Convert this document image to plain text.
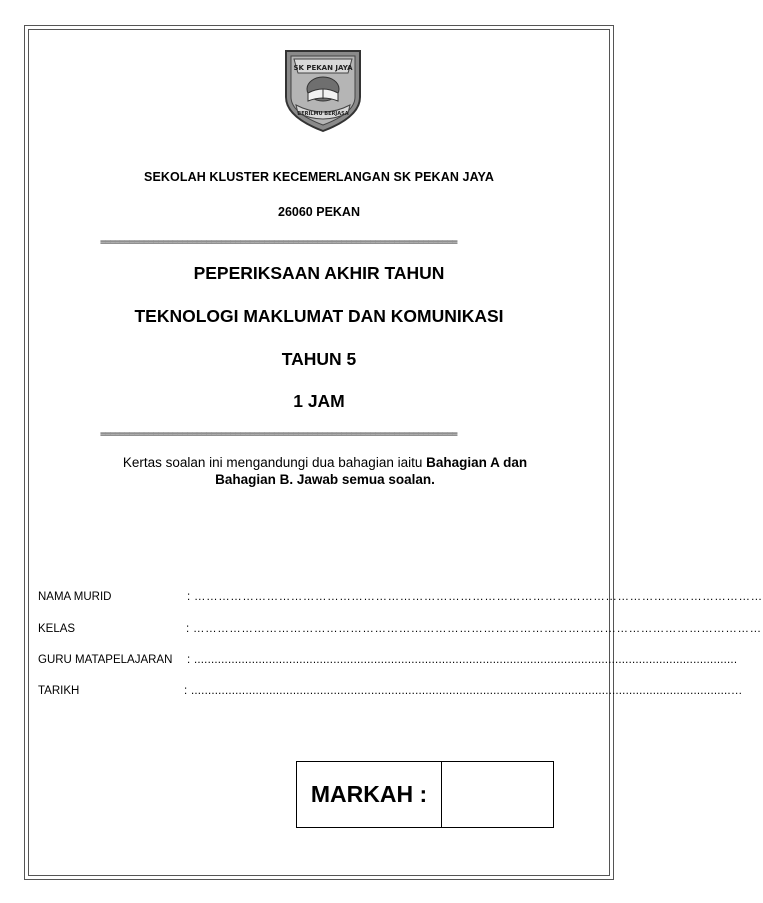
SK PEKAN JAYA
BERILMU BERJASA
SEKOLAH KLUSTER KECEMERLANGAN SK PEKAN JAYA
26060 PEKAN
==========================================================================
PEPERIKSAAN AKHIR TAHUN
TEKNOLOGI MAKLUMAT DAN KOMUNIKASI
TAHUN 5
1 JAM
==========================================================================
Kertas soalan ini mengandungi dua bahagian iaitu Bahagian A dan
Bahagian B. Jawab semua soalan.
NAMA MURID	: ……………………………………………………………………………………………………………………………
KELAS	: ……………………………………………………………………………………………………………………………
GURU MATAPELAJARAN : ................................................................................................................................................................
TARIKH	: ...............................................................................................................................................................…
MARKAH :
